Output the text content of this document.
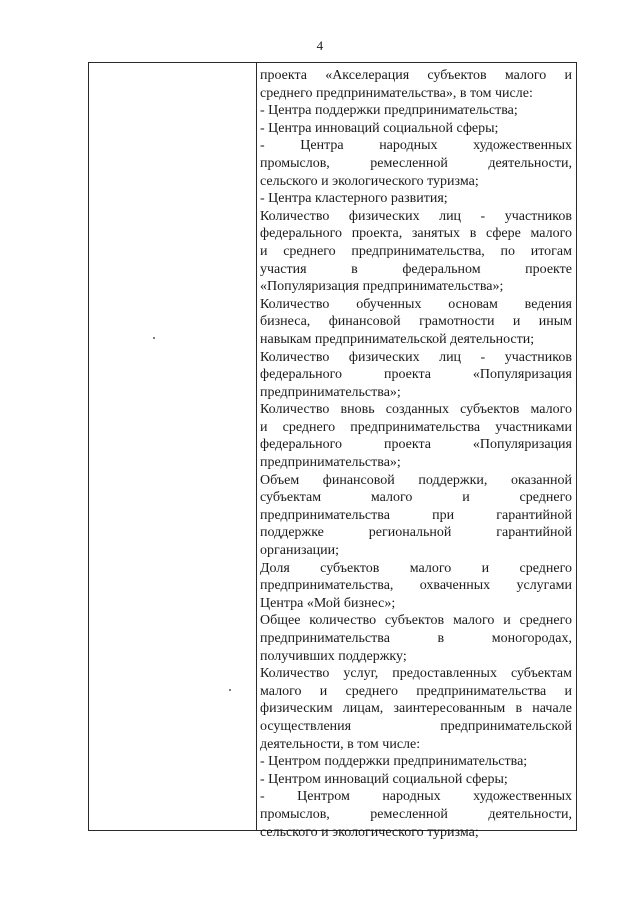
4
проекта «Акселерация субъектов малого и
среднего предпринимательства», в том числе:
- Центра поддержки предпринимательства;
- Центра инноваций социальной сферы;
- Центра народных художественных
промыслов, ремесленной деятельности,
сельского и экологического туризма;
- Центра кластерного развития;
Количество физических лиц - участников
федерального проекта, занятых в сфере малого
и среднего предпринимательства, по итогам
участия в федеральном проекте
«Популяризация предпринимательства»;
Количество обученных основам ведения
бизнеса, финансовой грамотности и иным
навыкам предпринимательской деятельности;
Количество физических лиц - участников
федерального проекта «Популяризация
предпринимательства»;
Количество вновь созданных субъектов малого
и среднего предпринимательства участниками
федерального проекта «Популяризация
предпринимательства»;
Объем финансовой поддержки, оказанной
субъектам малого и среднего
предпринимательства при гарантийной
поддержке региональной гарантийной
организации;
Доля субъектов малого и среднего
предпринимательства, охваченных услугами
Центра «Мой бизнес»;
Общее количество субъектов малого и среднего
предпринимательства в моногородах,
получивших поддержку;
Количество услуг, предоставленных субъектам
малого и среднего предпринимательства и
физическим лицам, заинтересованным в начале
осуществления предпринимательской
деятельности, в том числе:
- Центром поддержки предпринимательства;
- Центром инноваций социальной сферы;
- Центром народных художественных
промыслов, ремесленной деятельности,
сельского и экологического туризма;
